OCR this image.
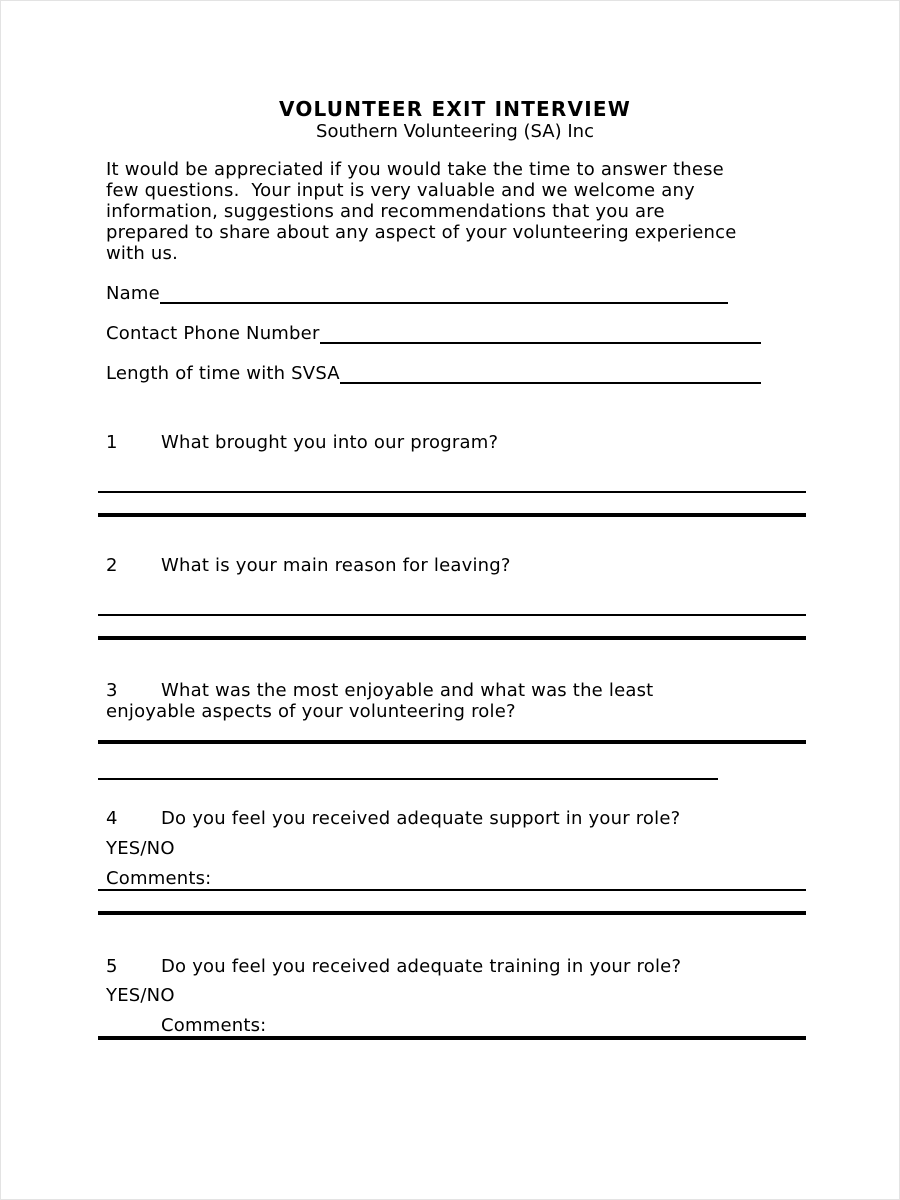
VOLUNTEER EXIT INTERVIEW
Southern Volunteering (SA) Inc
It would be appreciated if you would take the time to answer these
few questions.  Your input is very valuable and we welcome any
information, suggestions and recommendations that you are
prepared to share about any aspect of your volunteering experience
with us.
Name
Contact Phone Number
Length of time with SVSA
1	What brought you into our program?
2	What is your main reason for leaving?
3	What was the most enjoyable and what was the least
enjoyable aspects of your volunteering role?
4	Do you feel you received adequate support in your role?
YES/NO
Comments:
5	Do you feel you received adequate training in your role?
YES/NO
Comments:
